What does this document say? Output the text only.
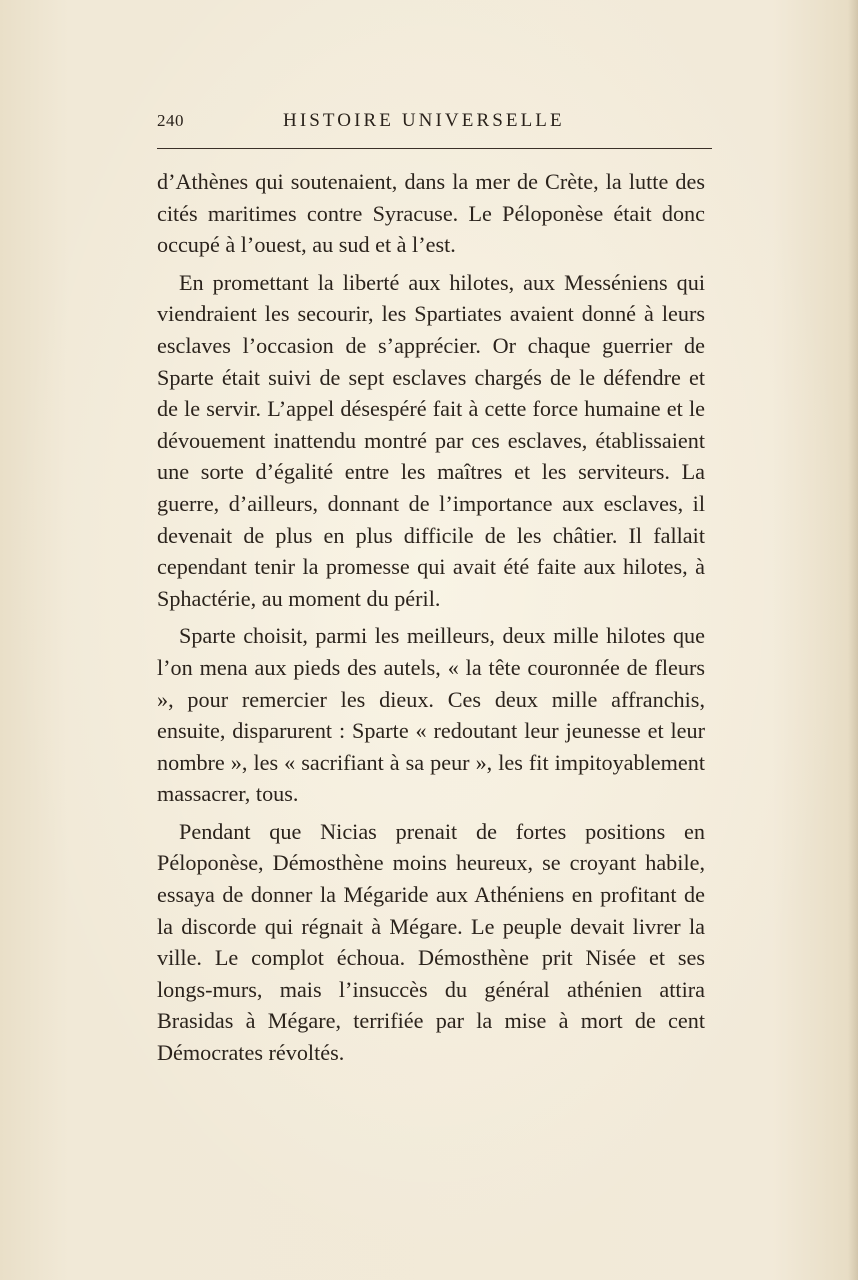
240	HISTOIRE UNIVERSELLE

d’Athènes qui soutenaient, dans la mer de Crète, la lutte des cités maritimes contre Syracuse. Le Péloponèse était donc occupé à l’ouest, au sud et à l’est.

En promettant la liberté aux hilotes, aux Messéniens qui viendraient les secourir, les Spartiates avaient donné à leurs esclaves l’occasion de s’apprécier. Or chaque guerrier de Sparte était suivi de sept esclaves chargés de le défendre et de le servir. L’appel désespéré fait à cette force humaine et le dévouement inattendu montré par ces esclaves, établissaient une sorte d’égalité entre les maîtres et les serviteurs. La guerre, d’ailleurs, donnant de l’importance aux esclaves, il devenait de plus en plus difficile de les châtier. Il fallait cependant tenir la promesse qui avait été faite aux hilotes, à Sphactérie, au moment du péril.

Sparte choisit, parmi les meilleurs, deux mille hilotes que l’on mena aux pieds des autels, « la tête couronnée de fleurs », pour remercier les dieux. Ces deux mille affranchis, ensuite, disparurent : Sparte « redoutant leur jeunesse et leur nombre », les « sacrifiant à sa peur », les fit impitoyablement massacrer, tous.

Pendant que Nicias prenait de fortes positions en Péloponèse, Démosthène moins heureux, se croyant habile, essaya de donner la Mégaride aux Athéniens en profitant de la discorde qui régnait à Mégare. Le peuple devait livrer la ville. Le complot échoua. Démosthène prit Nisée et ses longs-murs, mais l’insuccès du général athénien attira Brasidas à Mégare, terrifiée par la mise à mort de cent Démocrates révoltés.
